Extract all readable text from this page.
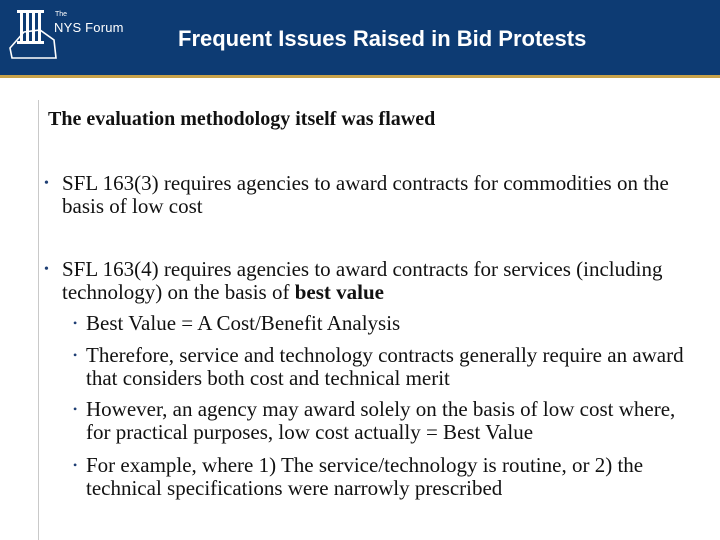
The
NYS Forum Frequent Issues Raised in Bid Protests
The evaluation methodology itself was flawed
• SFL 163(3) requires agencies to award contracts for commodities on the basis of low cost
• SFL 163(4) requires agencies to award contracts for services (including technology) on the basis of best value
• Best Value = A Cost/Benefit Analysis
• Therefore, service and technology contracts generally require an award that considers both cost and technical merit
• However, an agency may award solely on the basis of low cost where, for practical purposes, low cost actually = Best Value
• For example, where 1) The service/technology is routine, or 2) the technical specifications were narrowly prescribed
